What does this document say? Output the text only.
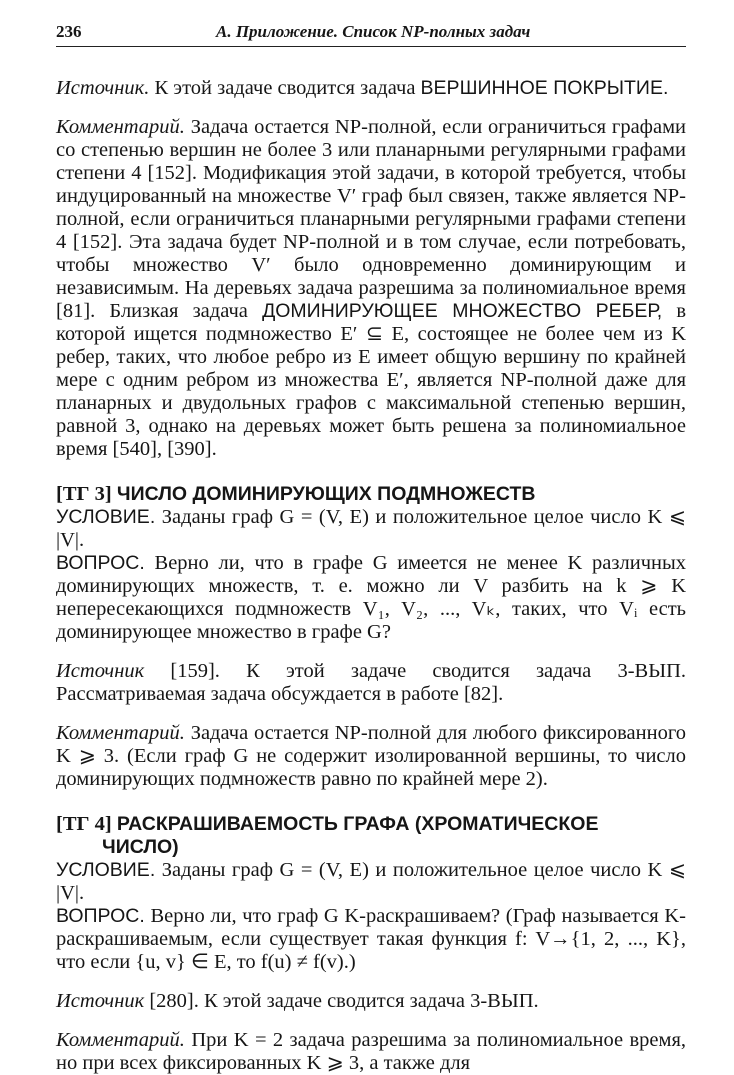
236	А. Приложение. Список NP-полных задач

Источник. К этой задаче сводится задача ВЕРШИННОЕ ПОКРЫТИЕ.

Комментарий. Задача остается NP-полной, если ограничиться графами со степенью вершин не более 3 или планарными регулярными графами степени 4 [152]. Модификация этой задачи, в которой требуется, чтобы индуцированный на множестве V′ граф был связен, также является NP-полной, если ограничиться планарными регулярными графами степени 4 [152]. Эта задача будет NP-полной и в том случае, если потребовать, чтобы множество V′ было одновременно доминирующим и независимым. На деревьях задача разрешима за полиномиальное время [81]. Близкая задача ДОМИНИРУЮЩЕЕ МНОЖЕСТВО РЕБЕР, в которой ищется подмножество E′ ⊆ E, состоящее не более чем из K ребер, таких, что любое ребро из E имеет общую вершину по крайней мере с одним ребром из множества E′, является NP-полной даже для планарных и двудольных графов с максимальной степенью вершин, равной 3, однако на деревьях может быть решена за полиномиальное время [540], [390].

[ТГ 3] ЧИСЛО ДОМИНИРУЮЩИХ ПОДМНОЖЕСТВ

УСЛОВИЕ. Заданы граф G = (V, E) и положительное целое число K ⩽ |V|.

ВОПРОС. Верно ли, что в графе G имеется не менее K различных доминирующих множеств, т. е. можно ли V разбить на k ⩾ K непересекающихся подмножеств V₁, V₂, ..., Vₖ, таких, что Vᵢ есть доминирующее множество в графе G?

Источник [159]. К этой задаче сводится задача 3-ВЫП. Рассматриваемая задача обсуждается в работе [82].

Комментарий. Задача остается NP-полной для любого фиксированного K ⩾ 3. (Если граф G не содержит изолированной вершины, то число доминирующих подмножеств равно по крайней мере 2).

[ТГ 4] РАСКРАШИВАЕМОСТЬ ГРАФА (ХРОМАТИЧЕСКОЕ

ЧИСЛО)

УСЛОВИЕ. Заданы граф G = (V, E) и положительное целое число K ⩽ |V|.

ВОПРОС. Верно ли, что граф G K-раскрашиваем? (Граф называется K-раскрашиваемым, если существует такая функция f: V→{1, 2, ..., K}, что если {u, v} ∈ E, то f(u) ≠ f(v).)

Источник [280]. К этой задаче сводится задача 3-ВЫП.

Комментарий. При K = 2 задача разрешима за полиномиальное время, но при всех фиксированных K ⩾ 3, а также для
